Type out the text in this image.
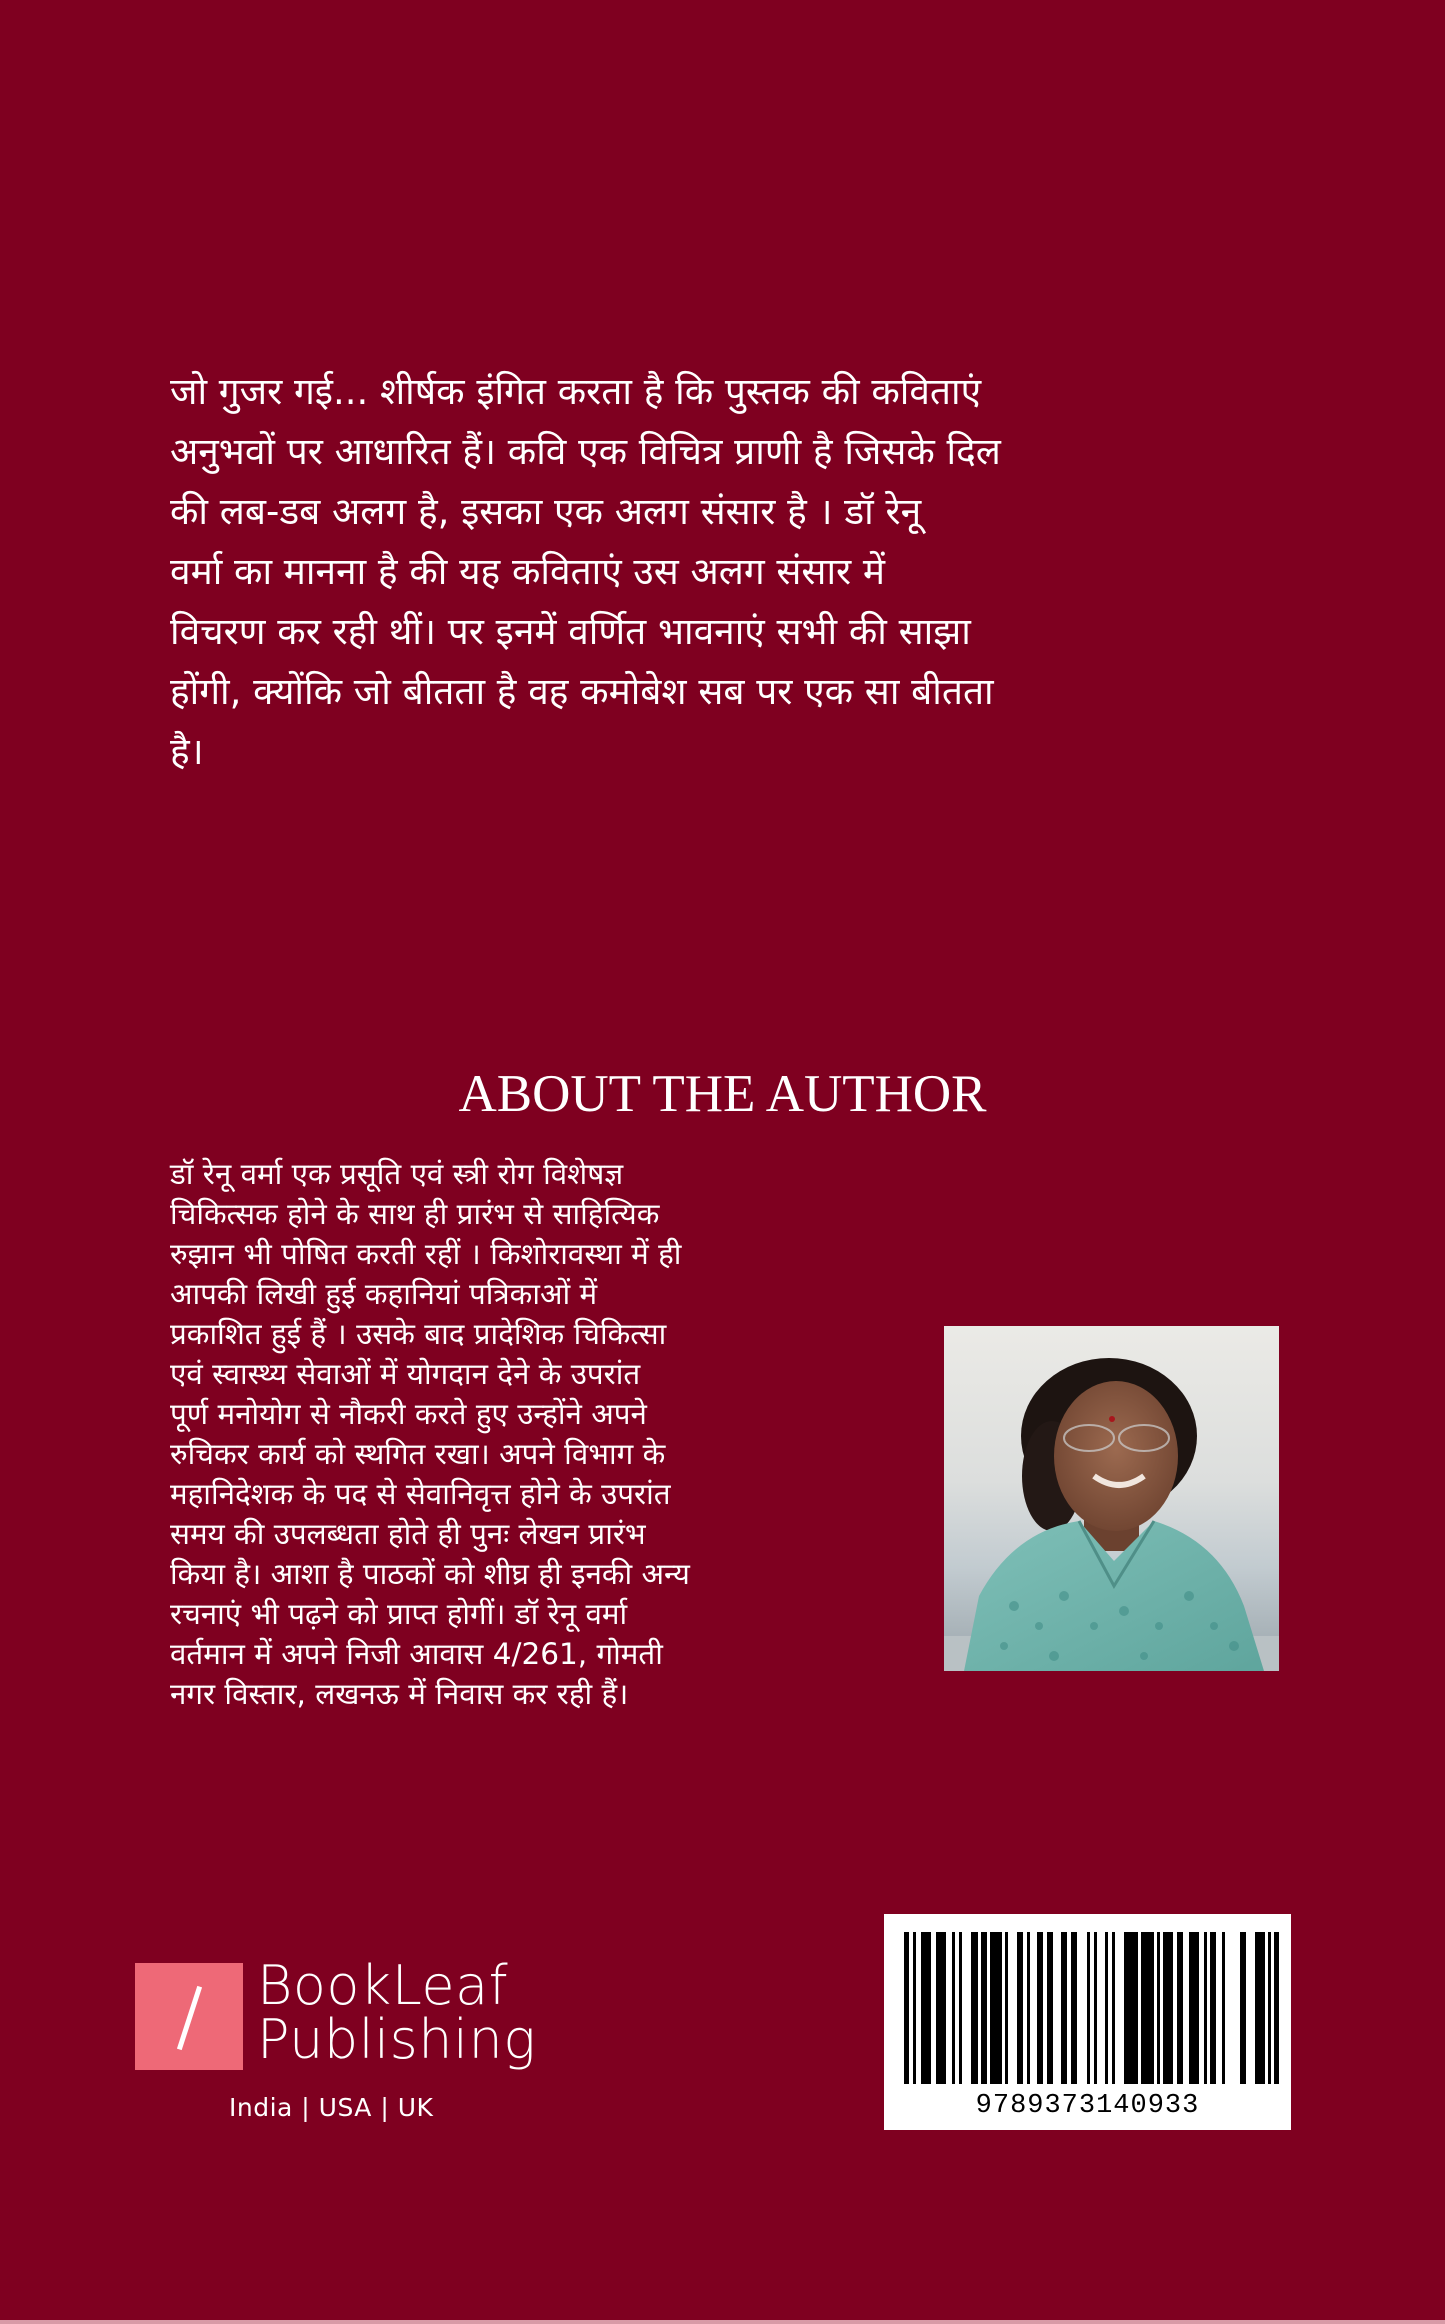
जो गुजर गई... शीर्षक इंगित करता है कि पुस्तक की कविताएं
अनुभवों पर आधारित हैं। कवि एक विचित्र प्राणी है जिसके दिल
की लब-डब अलग है, इसका एक अलग संसार है । डॉ रेनू
वर्मा का मानना है की यह कविताएं उस अलग संसार में
विचरण कर रही थीं। पर इनमें वर्णित भावनाएं सभी की साझा
होंगी, क्योंकि जो बीतता है वह कमोबेश सब पर एक सा बीतता
है।
ABOUT THE AUTHOR
डॉ रेनू वर्मा एक प्रसूति एवं स्त्री रोग विशेषज्ञ
चिकित्सक होने के साथ ही प्रारंभ से साहित्यिक
रुझान भी पोषित करती रहीं । किशोरावस्था में ही
आपकी लिखी हुई कहानियां पत्रिकाओं में
प्रकाशित हुई हैं । उसके बाद प्रादेशिक चिकित्सा
एवं स्वास्थ्य सेवाओं में योगदान देने के उपरांत
पूर्ण मनोयोग से नौकरी करते हुए उन्होंने अपने
रुचिकर कार्य को स्थगित रखा। अपने विभाग के
महानिदेशक के पद से सेवानिवृत्त होने के उपरांत
समय की उपलब्धता होते ही पुनः लेखन प्रारंभ
किया है। आशा है पाठकों को शीघ्र ही इनकी अन्य
रचनाएं भी पढ़ने को प्राप्त होगीं। डॉ रेनू वर्मा
वर्तमान में अपने निजी आवास 4/261, गोमती
नगर विस्तार, लखनऊ में निवास कर रही हैं।
BookLeaf
Publishing
India | USA | UK	9789373140933
